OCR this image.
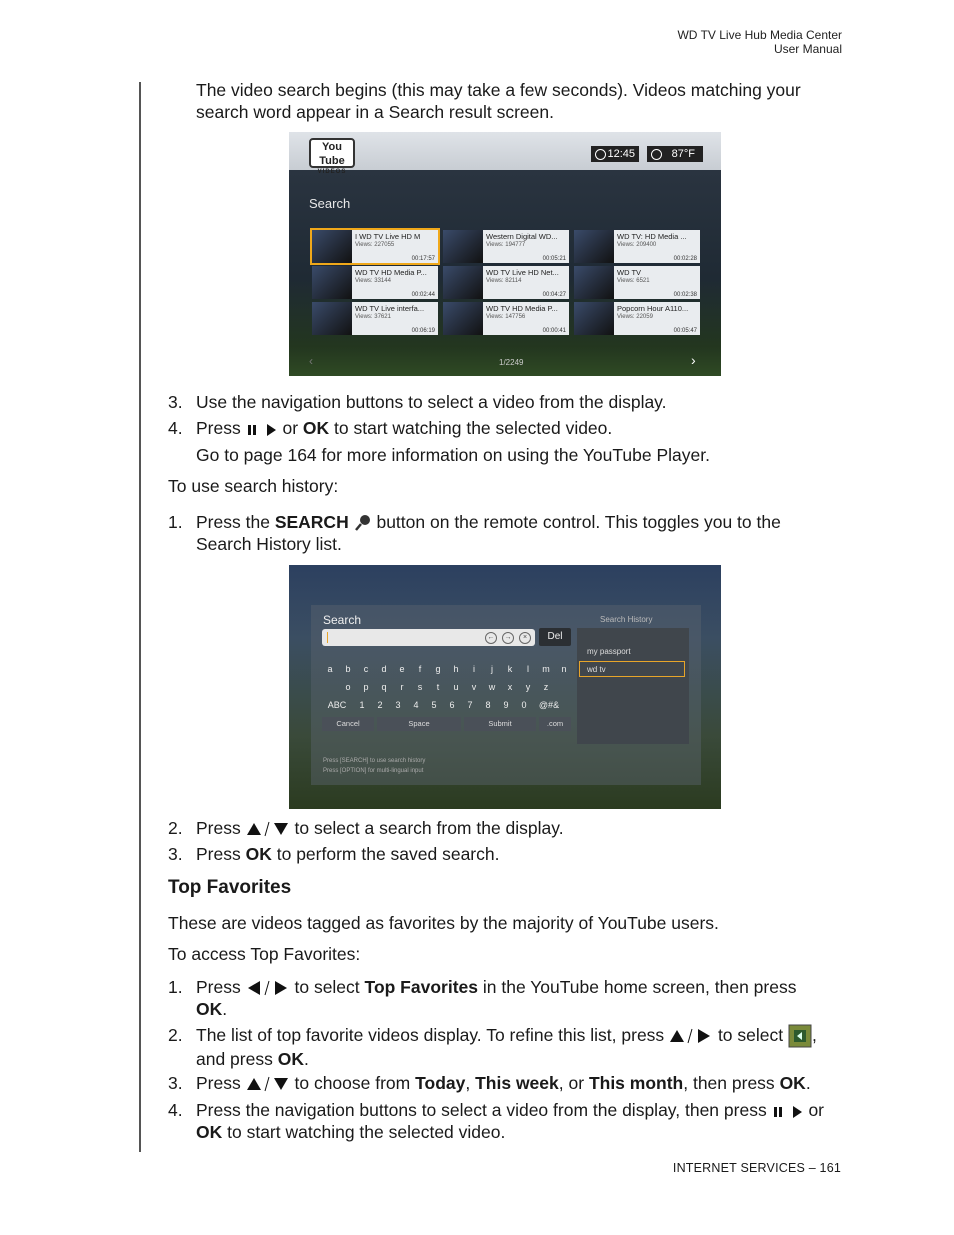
WD TV Live Hub Media Center
User Manual
The video search begins (this may take a few seconds). Videos matching your
search word appear in a Search result screen.
You Tube
VIDEOS
12:45	87°F
Search
I WD TV Live HD M
Views: 227055
00:17:57
Western Digital WD...
Views: 194777
00:05:21
WD TV: HD Media ...
Views: 209400
00:02:28
WD TV HD Media P...
Views: 33144
00:02:44
WD TV Live HD Net...
Views: 82114
00:04:27
WD TV
Views: 6521
00:02:38
WD TV Live interfa...
Views: 37621
00:06:19
WD TV HD Media P...
Views: 147756
00:00:41
Popcorn Hour A110...
Views: 22059
00:05:47
‹	1/2249	›
3. Use the navigation buttons to select a video from the display.
4. Press or OK to start watching the selected video.
Go to page 164 for more information on using the YouTube Player.
To use search history:
1. Press the SEARCH button on the remote control. This toggles you to the
Search History list.
Search
←	→	×	Del
a	b	c	d	e	f	g	h	i	j	k	l	m	n
o	p	q	r	s	t	u	v	w	x	y	z
ABC	1	2	3	4	5	6	7	8	9	0	@#&
Cancel	Space	Submit	.com
Search History
my passport
wd tv
Press [SEARCH] to use search history
Press [OPTION] for multi-lingual input
2. Press	to select a search from the display.
3. Press OK to perform the saved search.
Top Favorites
These are videos tagged as favorites by the majority of YouTube users.
To access Top Favorites:
1. Press	to select Top Favorites in the YouTube home screen, then press
OK.
2. The list of top favorite videos display. To refine this list, press	to select ,
and press OK.
3. Press	to choose from Today, This week, or This month, then press OK.
4. Press the navigation buttons to select a video from the display, then press or
OK to start watching the selected video.
INTERNET SERVICES – 161
